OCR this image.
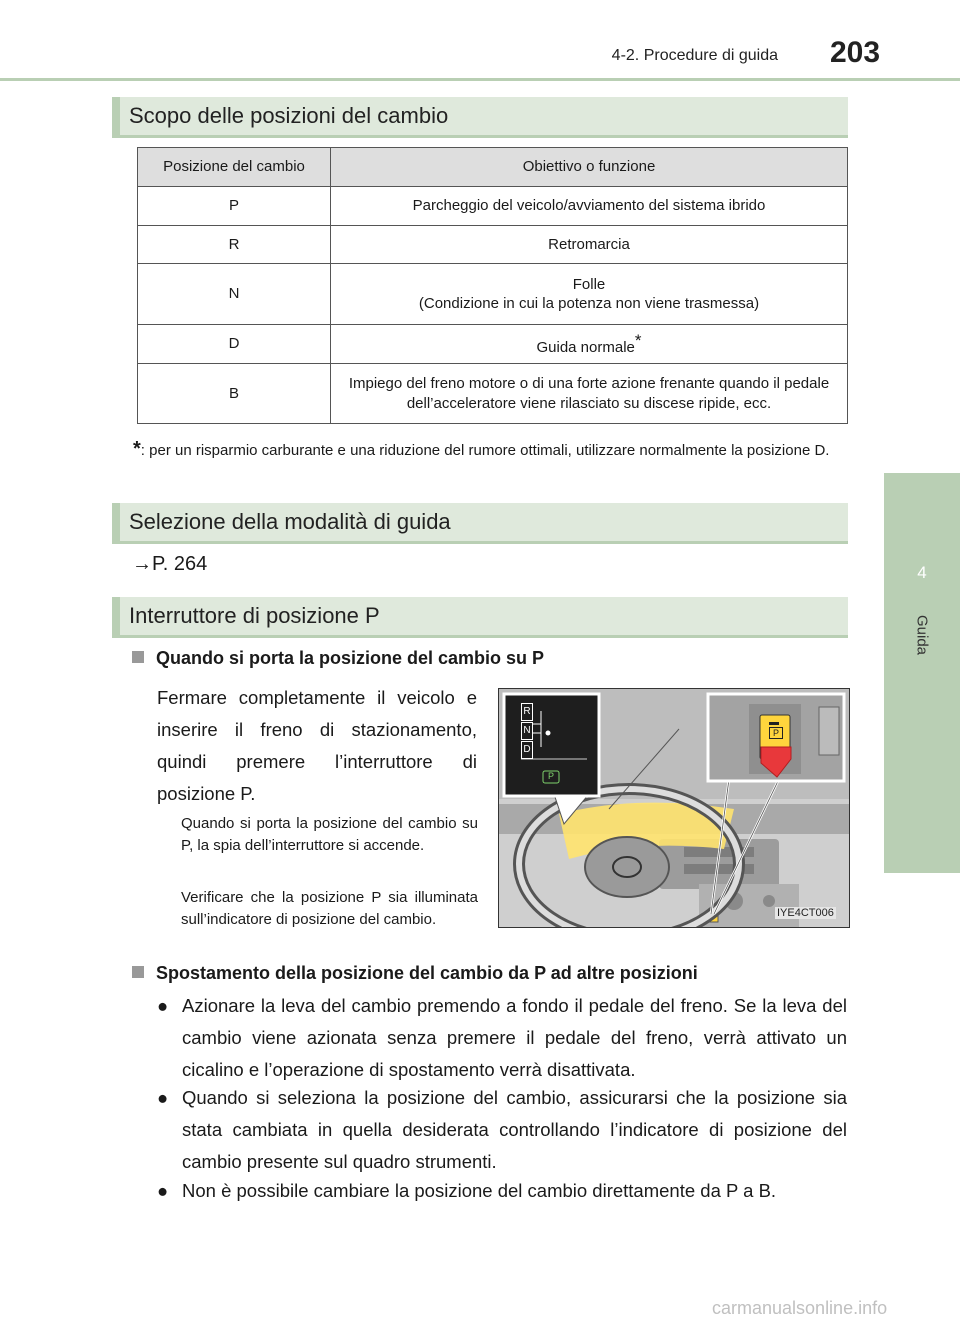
4-2. Procedure di guida 203
4
Guida
Scopo delle posizioni del cambio
Posizione del cambio	Obiettivo o funzione
P	Parcheggio del veicolo/avviamento del sistema ibrido
R	Retromarcia
N	Folle
(Condizione in cui la potenza non viene trasmessa)

D	Guida normale*
B	Impiego del freno motore o di una forte azione frenante quando il pedale dell’acceleratore viene rilasciato su discese ripide, ecc.
*: per un risparmio carburante e una riduzione del rumore ottimali, utilizzare normalmente la posizione D.
Selezione della modalità di guida
→P. 264
Interruttore di posizione P
Quando si porta la posizione del cambio su P
Fermare completamente il veicolo e inserire il freno di stazionamento, quindi premere l’interruttore di posizione P.
Quando si porta la posizione del cambio su P, la spia dell’interruttore si accende.
Verificare che la posizione P sia illuminata sull’indicatore di posizione del cambio.
R
N
D
P
P
IYE4CT006
Spostamento della posizione del cambio da P ad altre posizioni
● Azionare la leva del cambio premendo a fondo il pedale del freno. Se la leva del cambio viene azionata senza premere il pedale del freno, verrà attivato un cicalino e l’operazione di spostamento verrà disattivata.
● Quando si seleziona la posizione del cambio, assicurarsi che la posizione sia stata cambiata in quella desiderata controllando l’indicatore di posizione del cambio presente sul quadro strumenti.
● Non è possibile cambiare la posizione del cambio direttamente da P a B.
carmanualsonline.info
